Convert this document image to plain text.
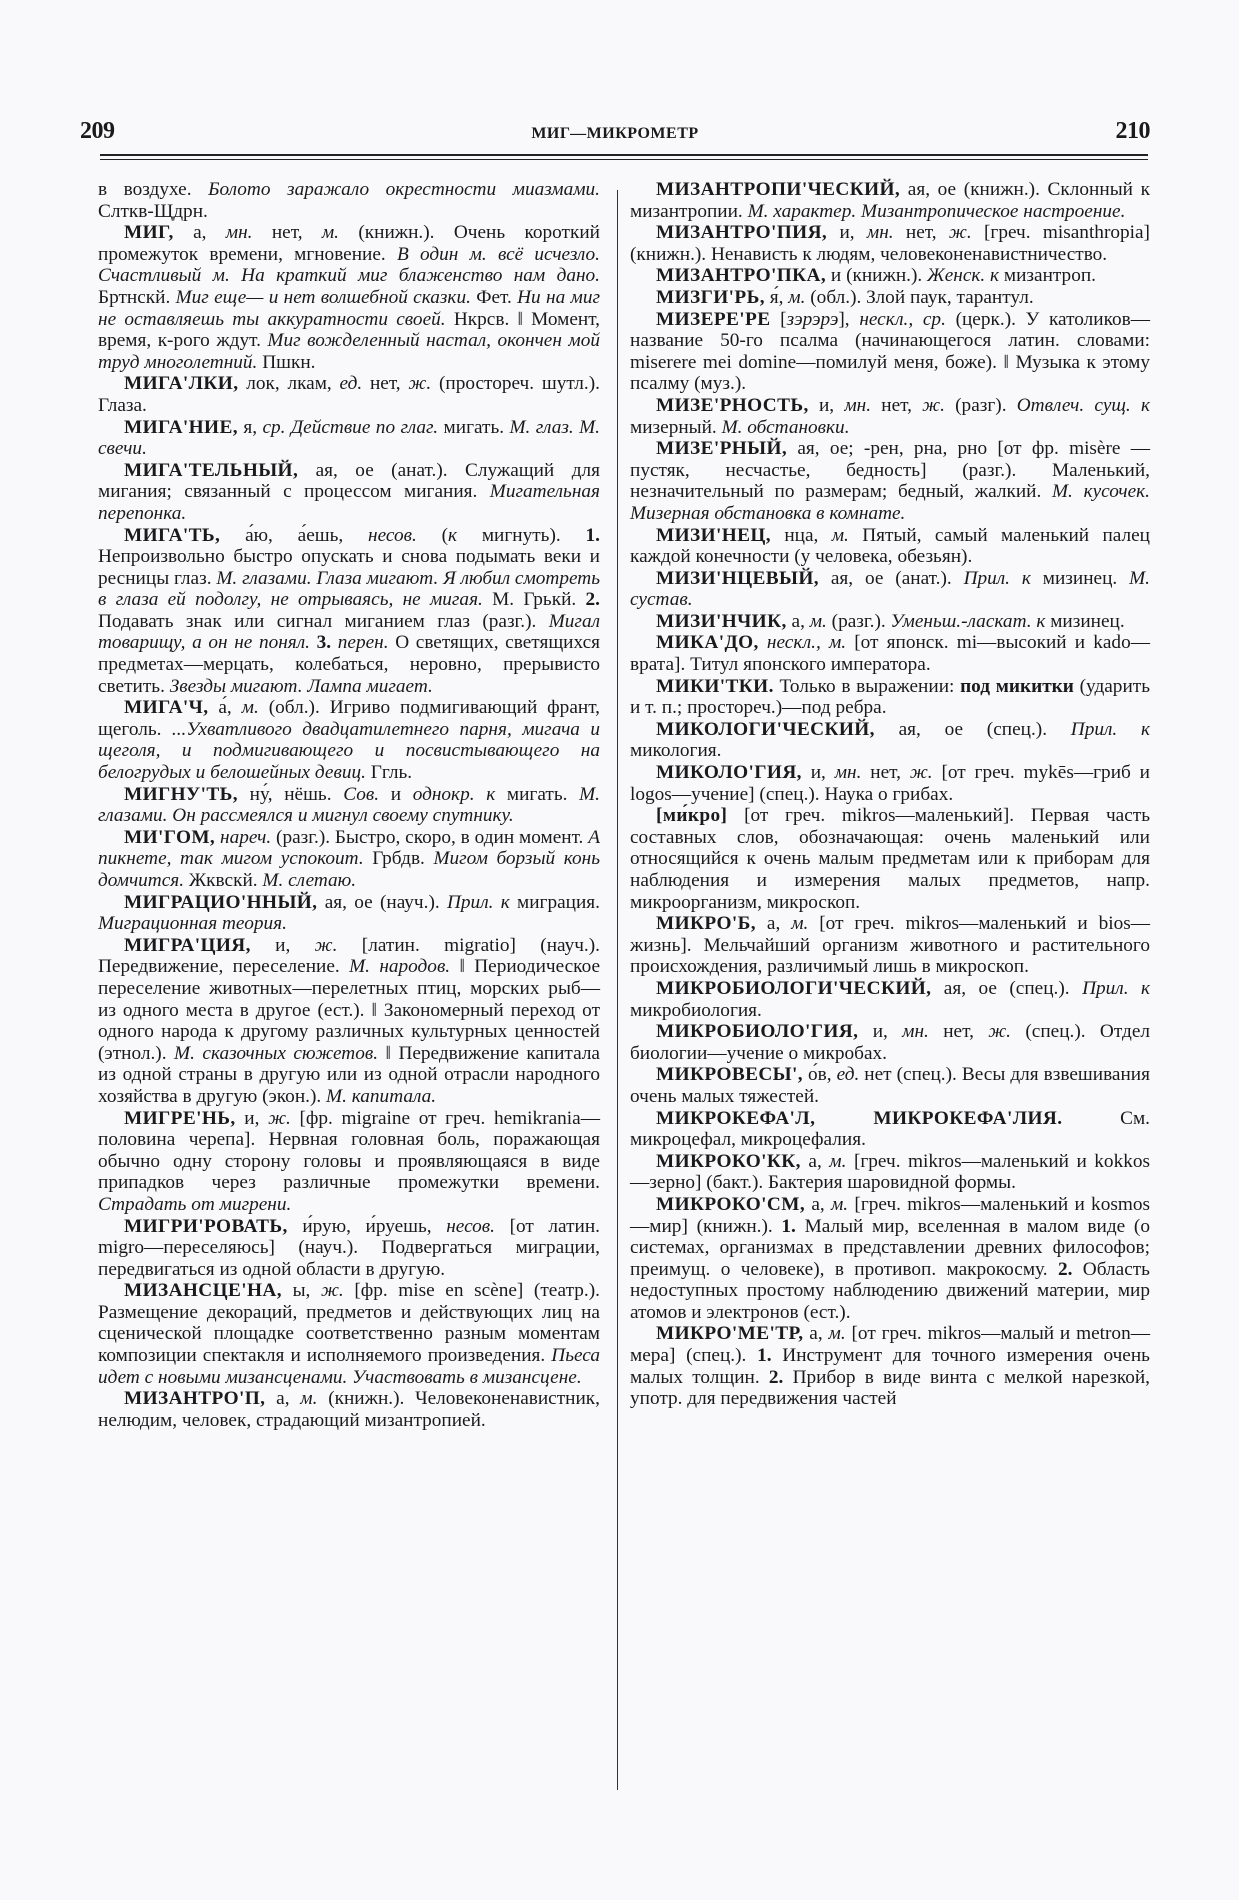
209	МИГ—МИКРОМЕТР	210

в воздухе. Болото заражало окрестности миазмами. Слткв-Щдрн.

МИГ, а, мн. нет, м. (книжн.). Очень короткий промежуток времени, мгновение. В один м. всё исчезло. Счастливый м. На краткий миг блаженство нам дано. Бртнскй. Миг еще— и нет волшебной сказки. Фет. Ни на миг не оставляешь ты аккуратности своей. Нкрсв. ‖ Момент, время, к-рого ждут. Миг вожделенный настал, окончен мой труд многолетний. Пшкн.

МИГА'ЛКИ, лок, лкам, ед. нет, ж. (простореч. шутл.). Глаза.

МИГА'НИЕ, я, ср. Действие по глаг. мигать. М. глаз. М. свечи.

МИГА'ТЕЛЬНЫЙ, ая, ое (анат.). Служащий для мигания; связанный с процессом мигания. Мигательная перепонка.

МИГА'ТЬ, а́ю, а́ешь, несов. (к мигнуть). 1. Непроизвольно быстро опускать и снова подымать веки и ресницы глаз. М. глазами. Глаза мигают. Я любил смотреть в глаза ей подолгу, не отрываясь, не мигая. М. Грькй. 2. Подавать знак или сигнал миганием глаз (разг.). Мигал товарищу, а он не понял. 3. перен. О светящих, светящихся предметах—мерцать, колебаться, неровно, прерывисто светить. Звезды мигают. Лампа мигает.

МИГА'Ч, а́, м. (обл.). Игриво подмигивающий франт, щеголь. ...Ухватливого двадцатилетнего парня, мигача и щеголя, и подмигивающего и посвистывающего на белогрудых и белошейных девиц. Ггль.

МИГНУ'ТЬ, ну́, нёшь. Сов. и однокр. к мигать. М. глазами. Он рассмеялся и мигнул своему спутнику.

МИ'ГОМ, нареч. (разг.). Быстро, скоро, в один момент. А пикнете, так мигом успокоит. Грбдв. Мигом борзый конь домчится. Жквскй. М. слетаю.

МИГРАЦИО'ННЫЙ, ая, ое (науч.). Прил. к миграция. Миграционная теория.

МИГРА'ЦИЯ, и, ж. [латин. migratio] (науч.). Передвижение, переселение. М. народов. ‖ Периодическое переселение животных—перелетных птиц, морских рыб—из одного места в другое (ест.). ‖ Закономерный переход от одного народа к другому различных культурных ценностей (этнол.). М. сказочных сюжетов. ‖ Передвижение капитала из одной страны в другую или из одной отрасли народного хозяйства в другую (экон.). М. капитала.

МИГРЕ'НЬ, и, ж. [фр. migraine от греч. hemikrania—половина черепа]. Нервная головная боль, поражающая обычно одну сторону головы и проявляющаяся в виде припадков через различные промежутки времени. Страдать от мигрени.

МИГРИ'РОВАТЬ, и́рую, и́руешь, несов. [от латин. migro—переселяюсь] (науч.). Подвергаться миграции, передвигаться из одной области в другую.

МИЗАНСЦЕ'НА, ы, ж. [фр. mise en scène] (театр.). Размещение декораций, предметов и действующих лиц на сценической площадке соответственно разным моментам композиции спектакля и исполняемого произведения. Пьеса идет с новыми мизансценами. Участвовать в мизансцене.

МИЗАНТРО'П, а, м. (книжн.). Человеконенавистник, нелюдим, человек, страдающий мизантропией.

МИЗАНТРОПИ'ЧЕСКИЙ, ая, ое (книжн.). Склонный к мизантропии. М. характер. Мизантропическое настроение.

МИЗАНТРО'ПИЯ, и, мн. нет, ж. [греч. misanthropia] (книжн.). Ненависть к людям, человеконенавистничество.

МИЗАНТРО'ПКА, и (книжн.). Женск. к мизантроп.

МИЗГИ'РЬ, я́, м. (обл.). Злой паук, тарантул.

МИЗЕРЕ'РЕ [зэрэрэ], нескл., ср. (церк.). У католиков—название 50-го псалма (начинающегося латин. словами: miserere mei domine—помилуй меня, боже). ‖ Музыка к этому псалму (муз.).

МИЗЕ'РНОСТЬ, и, мн. нет, ж. (разг). Отвлеч. сущ. к мизерный. М. обстановки.

МИЗЕ'РНЫЙ, ая, ое; -рен, рна, рно [от фр. misère — пустяк, несчастье, бедность] (разг.). Маленький, незначительный по размерам; бедный, жалкий. М. кусочек. Мизерная обстановка в комнате.

МИЗИ'НЕЦ, нца, м. Пятый, самый маленький палец каждой конечности (у человека, обезьян).

МИЗИ'НЦЕВЫЙ, ая, ое (анат.). Прил. к мизинец. М. сустав.

МИЗИ'НЧИК, а, м. (разг.). Уменьш.-ласкат. к мизинец.

МИКА'ДО, нескл., м. [от японск. mi—высокий и kado—врата]. Титул японского императора.

МИКИ'ТКИ. Только в выражении: под микитки (ударить и т. п.; простореч.)—под ребра.

МИКОЛОГИ'ЧЕСКИЙ, ая, ое (спец.). Прил. к микология.

МИКОЛО'ГИЯ, и, мн. нет, ж. [от греч. mykēs—гриб и logos—учение] (спец.). Наука о грибах.

[ми́кро] [от греч. mikros—маленький]. Первая часть составных слов, обозначающая: очень маленький или относящийся к очень малым предметам или к приборам для наблюдения и измерения малых предметов, напр. микроорганизм, микроскоп.

МИКРО'Б, а, м. [от греч. mikros—маленький и bios—жизнь]. Мельчайший организм животного и растительного происхождения, различимый лишь в микроскоп.

МИКРОБИОЛОГИ'ЧЕСКИЙ, ая, ое (спец.). Прил. к микробиология.

МИКРОБИОЛО'ГИЯ, и, мн. нет, ж. (спец.). Отдел биологии—учение о микробах.

МИКРОВЕСЫ', о́в, ед. нет (спец.). Весы для взвешивания очень малых тяжестей.

МИКРОКЕФА'Л, МИКРОКЕФА'ЛИЯ. См. микроцефал, микроцефалия.

МИКРОКО'КК, а, м. [греч. mikros—маленький и kokkos—зерно] (бакт.). Бактерия шаровидной формы.

МИКРОКО'СМ, а, м. [греч. mikros—маленький и kosmos—мир] (книжн.). 1. Малый мир, вселенная в малом виде (о системах, организмах в представлении древних философов; преимущ. о человеке), в противоп. макрокосму. 2. Область недоступных простому наблюдению движений материи, мир атомов и электронов (ест.).

МИКРО'МЕ'ТР, а, м. [от греч. mikros—малый и metron—мера] (спец.). 1. Инструмент для точного измерения очень малых толщин. 2. Прибор в виде винта с мелкой нарезкой, употр. для передвижения частей
